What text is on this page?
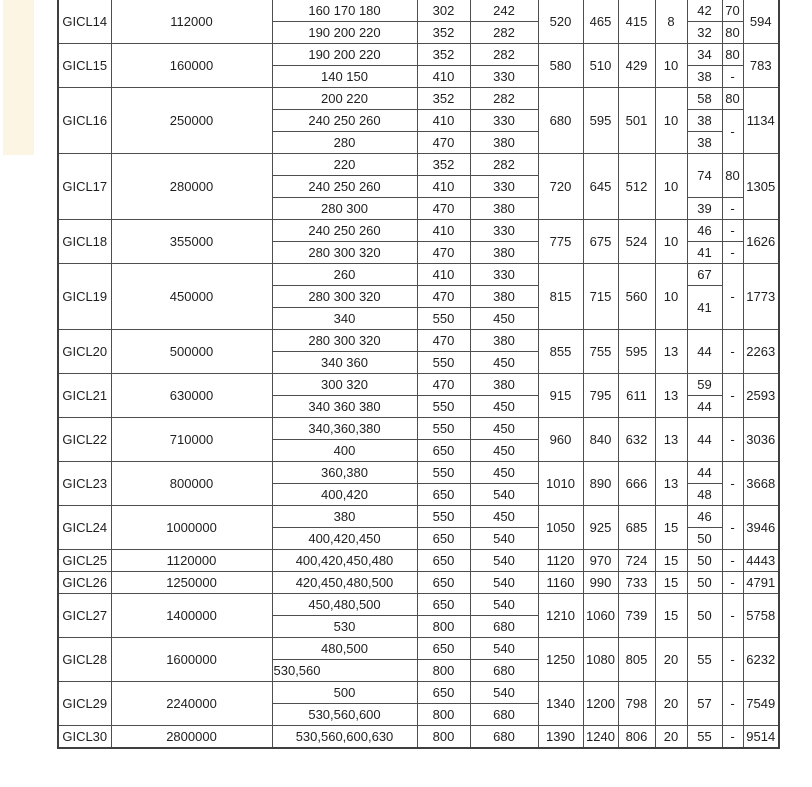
GICL14	112000	160 170 180	302	242	520	465	415	8	42	70	594
		190 200 220	352	282					32	80	
GICL15	160000	190 200 220	352	282	580	510	429	10	34	80	783
		140 150	410	330					38	-	
GICL16	250000	200 220	352	282	680	595	501	10	58	80	1134
		240 250 260	410	330					38	-	
		280	470	380					38		
GICL17	280000	220	352	282	720	645	512	10	74	80	1305
		240 250 260	410	330							
		280 300	470	380					39	-	
GICL18	355000	240 250 260	410	330	775	675	524	10	46	-	1626
		280 300 320	470	380					41	-	
GICL19	450000	260	410	330	815	715	560	10	67	-	1773
		280 300 320	470	380					41		
		340	550	450							
GICL20	500000	280 300 320	470	380	855	755	595	13	44	-	2263
		340 360	550	450							
GICL21	630000	300 320	470	380	915	795	611	13	59	-	2593
		340 360 380	550	450					44		
GICL22	710000	340,360,380	550	450	960	840	632	13	44	-	3036
		400	650	450							
GICL23	800000	360,380	550	450	1010	890	666	13	44	-	3668
		400,420	650	540					48		
GICL24	1000000	380	550	450	1050	925	685	15	46	-	3946
		400,420,450	650	540					50		
GICL25	1120000	400,420,450,480	650	540	1120	970	724	15	50	-	4443
GICL26	1250000	420,450,480,500	650	540	1160	990	733	15	50	-	4791
GICL27	1400000	450,480,500	650	540	1210	1060	739	15	50	-	5758
		530	800	680							
GICL28	1600000	480,500	650	540	1250	1080	805	20	55	-	6232
		530,560	800	680							
GICL29	2240000	500	650	540	1340	1200	798	20	57	-	7549
		530,560,600	800	680							
GICL30	2800000	530,560,600,630	800	680	1390	1240	806	20	55	-	9514
